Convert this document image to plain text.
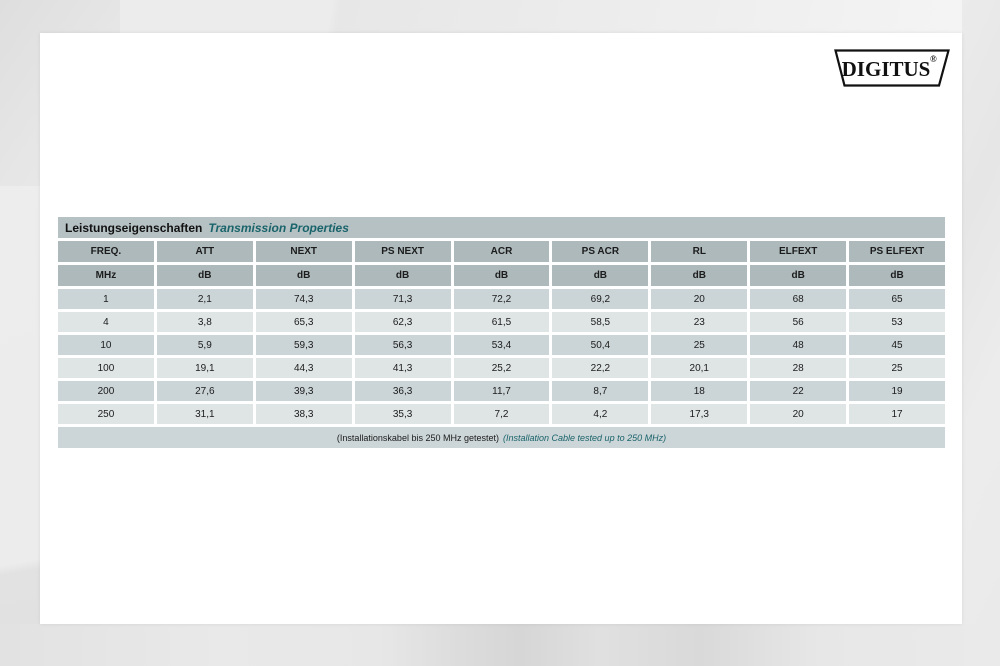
DIGITUS ®
Leistungseigenschaften Transmission Properties
FREQ.	ATT	NEXT	PS NEXT	ACR	PS ACR	RL	ELFEXT	PS ELFEXT
MHz	dB	dB	dB	dB	dB	dB	dB	dB
1	2,1	74,3	71,3	72,2	69,2	20	68	65
4	3,8	65,3	62,3	61,5	58,5	23	56	53
10	5,9	59,3	56,3	53,4	50,4	25	48	45
100	19,1	44,3	41,3	25,2	22,2	20,1	28	25
200	27,6	39,3	36,3	11,7	8,7	18	22	19
250	31,1	38,3	35,3	7,2	4,2	17,3	20	17
(Installationskabel bis 250 MHz getestet) (Installation Cable tested up to 250 MHz)
